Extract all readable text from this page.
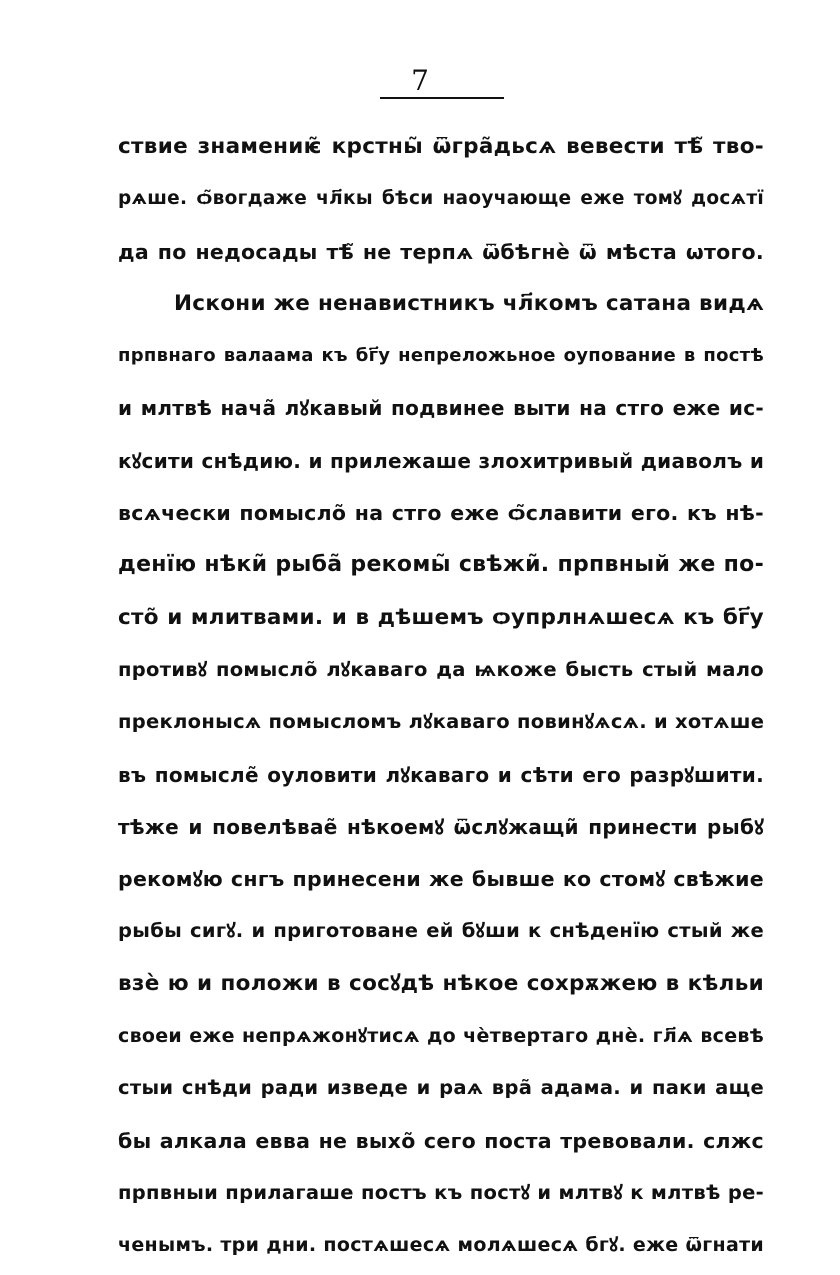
7
ствие знамениѥ̃ крстны̃ ѿгра̃дьсѧ вевести тѣ̃ тво-
рѧше. ѻ̃вогдаже чл҃кы бѣси наоучающе еже томꙋ досѧтї
да по недосады тѣ̃ не терпѧ ѿбѣгнѐ ѿ мѣста ѡтого.
Искони же ненавистникъ чл҃комъ сатана видѧ
прпвнаго валаама къ бг҃у непреложьное оупование в постѣ
и млтвѣ нача̃ лꙋкавый подвинее выти на стго еже ис-
кꙋсити снѣдию. и прилежаше злохитривый диаволъ и
всѧчески помысло̃ на стго еже ѻ̃славити его. къ нѣ-
денїю нѣки̃ рыба̃ рекомы̃ свѣжи̃. прпвный же по-
сто̃ и млитвами. и в дѣшемъ ѻупрлнѧшесѧ къ бг҃у
противꙋ помысло̃ лꙋкаваго да ѩкоже бысть стый мало
преклонысѧ помысломъ лꙋкаваго повинꙋѧсѧ. и хотѧше
въ помысле̃ оуловити лꙋкаваго и сѣти его разрꙋшити.
тѣже и повелѣвае̃ нѣкоемꙋ ѿслꙋжащи̃ принести рыбꙋ
рекомꙋю снгъ принесени же бывше ко стомꙋ свѣжие
рыбы сигꙋ. и приготоване ей бꙋши к снѣденїю стый же
взѐ ю и положи в сосꙋдѣ нѣкое сохрѫжею в кѣльи
своеи еже непрѧжонꙋтисѧ до чѐтвертаго днѐ. гл҃ѧ всевѣ
стыи снѣди ради изведе и раѧ вра̃ адама. и паки аще
бы алкала евва не выхо̃ сего поста тревовали. слжс
прпвныи прилагаше постъ къ постꙋ и млтвꙋ к млтвѣ ре-
ченымъ. три дни. постѧшесѧ молѧшесѧ бгꙋ. еже ѿгнати
